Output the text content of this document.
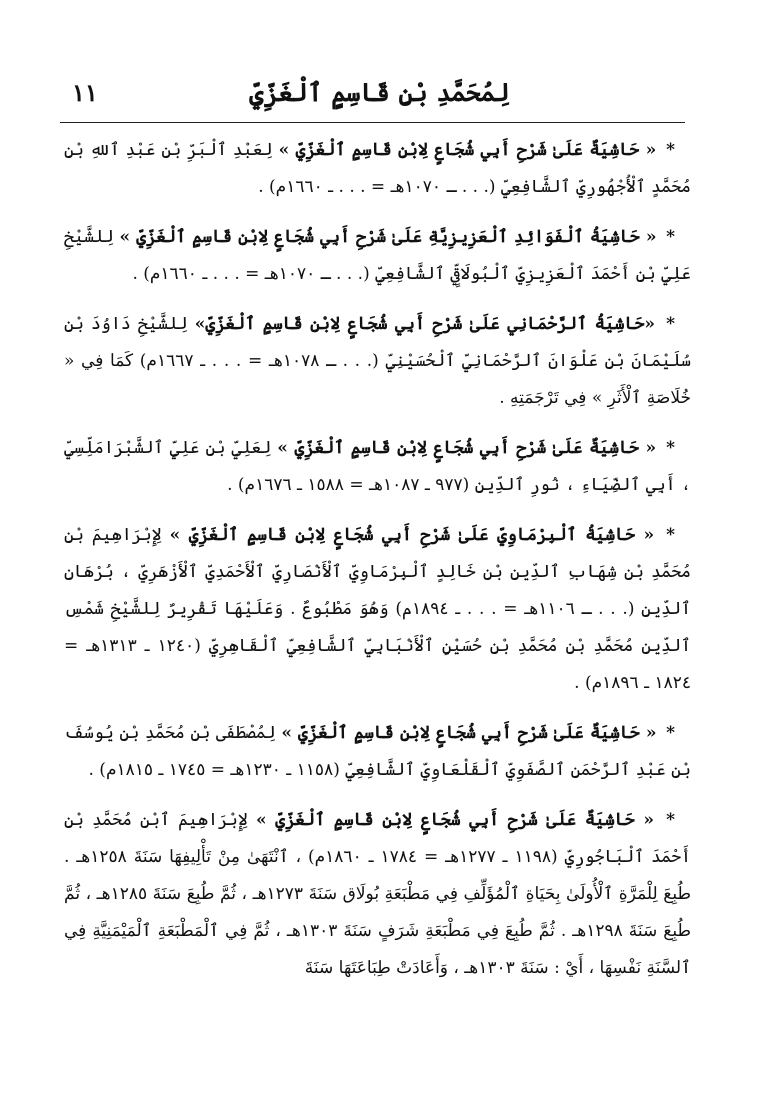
لِمُحَمَّدِ بْنِ قَاسِمٍ ٱلْغَزِّيِّ
١١

* « حَاشِيَةٌ عَلَىٰ شَرْحِ أَبِي شُجَاعٍ لِابْنِ قَاسِمٍ ٱلْغَزِّيِّ » لِعَبْدِ ٱلْبَرِّ بْنِ عَبْدِ ٱللهِ بْنِ مُحَمَّدٍ ٱلْأُجْهُورِيِّ ٱلشَّافِعِيِّ (. . . ـ ١٠٧٠هـ = . . . ـ ١٦٦٠م) .

* « حَاشِيَةُ ٱلْفَوَائِدِ ٱلْعَزِيزِيَّةِ عَلَىٰ شَرْحِ أَبِي شُجَاعٍ لِابْنِ قَاسِمٍ ٱلْغَزِّيِّ » لِلشَّيْخِ عَلِيِّ بْنِ أَحْمَدَ ٱلْعَزِيزِيِّ ٱلْبُولَاقِيِّ ٱلشَّافِعِيِّ (. . . ـ ١٠٧٠هـ = . . . ـ ١٦٦٠م) .

* «حَاشِيَةُ ٱلرَّحْمَانِي عَلَىٰ شَرْحِ أَبِي شُجَاعٍ لِابْنِ قَاسِمٍ ٱلْغَزِّيِّ» لِلشَّيْخِ دَاوُدَ بْنِ سُلَيْمَانَ بْنِ عَلْوَانَ ٱلرَّحْمَانِيِّ ٱلْحُسَيْنِيِّ (. . . ـ ١٠٧٨هـ = . . . ـ ١٦٦٧م) كَمَا فِي « خُلَاصَةِ ٱلْأَثَرِ » فِي تَرْجَمَتِهِ .

* « حَاشِيَةٌ عَلَىٰ شَرْحِ أَبِي شُجَاعٍ لِابْنِ قَاسِمٍ ٱلْغَزِّيِّ » لِعَلِيِّ بْنِ عَلِيٍّ ٱلشَّبْرَامَلِّسِيِّ ، أَبِي ٱلضِّيَاءِ ، نُورِ ٱلدِّينِ (٩٧٧ ـ ١٠٨٧هـ = ١٥٨٨ ـ ١٦٧٦م) .

* « حَاشِيَةُ ٱلْبِرْمَاوِيِّ عَلَىٰ شَرْحِ أَبِي شُجَاعٍ لِابْنِ قَاسِمٍ ٱلْغَزِّيِّ » لِإِبْرَاهِيمَ بْنِ مُحَمَّدِ بْنِ شِهَابِ ٱلدِّينِ بْنِ خَالِدٍ ٱلْبِرْمَاوِيِّ ٱلْأَنْصَارِيِّ ٱلْأَحْمَدِيِّ ٱلْأَزْهَرِيِّ ، بُرْهَانِ ٱلدِّينِ (. . . ـ ١١٠٦هـ = . . . ـ ١٨٩٤م) وَهُوَ مَطْبُوعٌ . وَعَلَيْهَا تَقْرِيرٌ لِلشَّيْخِ شَمْسِ ٱلدِّينِ مُحَمَّدِ بْنِ مُحَمَّدِ بْنِ حُسَيْنٍ ٱلْأَنْبَابِيِّ ٱلشَّافِعِيِّ ٱلْقَاهِرِيِّ (١٢٤٠ ـ ١٣١٣هـ = ١٨٢٤ ـ ١٨٩٦م) .

* « حَاشِيَةٌ عَلَىٰ شَرْحِ أَبِي شُجَاعٍ لِابْنِ قَاسِمٍ ٱلْغَزِّيِّ » لِمُصْطَفَى بْنِ مُحَمَّدِ بْنِ يُوسُفَ بْنِ عَبْدِ ٱلرَّحْمَنِ ٱلصَّفَوِيِّ ٱلْقَلْعَاوِيِّ ٱلشَّافِعِيِّ (١١٥٨ ـ ١٢٣٠هـ = ١٧٤٥ ـ ١٨١٥م) .

* « حَاشِيَةٌ عَلَىٰ شَرْحِ أَبِي شُجَاعٍ لِابْنِ قَاسِمٍ ٱلْغَزِّيِّ » لِإِبْرَاهِيمَ ٱبْنِ مُحَمَّدِ بْنِ أَحْمَدَ ٱلْبَاجُورِيِّ (١١٩٨ ـ ١٢٧٧هـ = ١٧٨٤ ـ ١٨٦٠م) ، ٱنْتَهَىٰ مِنْ تَأْلِيفِهَا سَنَةَ ١٢٥٨هـ . طُبِعَ لِلْمَرَّةِ ٱلْأُولَىٰ بِحَيَاةِ ٱلْمُؤَلِّفِ فِي مَطْبَعَةِ بُولَاق سَنَةَ ١٢٧٣هـ ، ثُمَّ طُبِعَ سَنَةَ ١٢٨٥هـ ، ثُمَّ طُبِعَ سَنَةَ ١٢٩٨هـ . ثُمَّ طُبِعَ فِي مَطْبَعَةِ شَرَفٍ سَنَةَ ١٣٠٣هـ ، ثُمَّ فِي ٱلْمَطْبَعَةِ ٱلْمَيْمَنِيَّةِ فِي ٱلسَّنَةِ نَفْسِهَا ، أَيْ : سَنَةَ ١٣٠٣هـ ، وَأَعَادَتْ طِبَاعَتَهَا سَنَةَ
